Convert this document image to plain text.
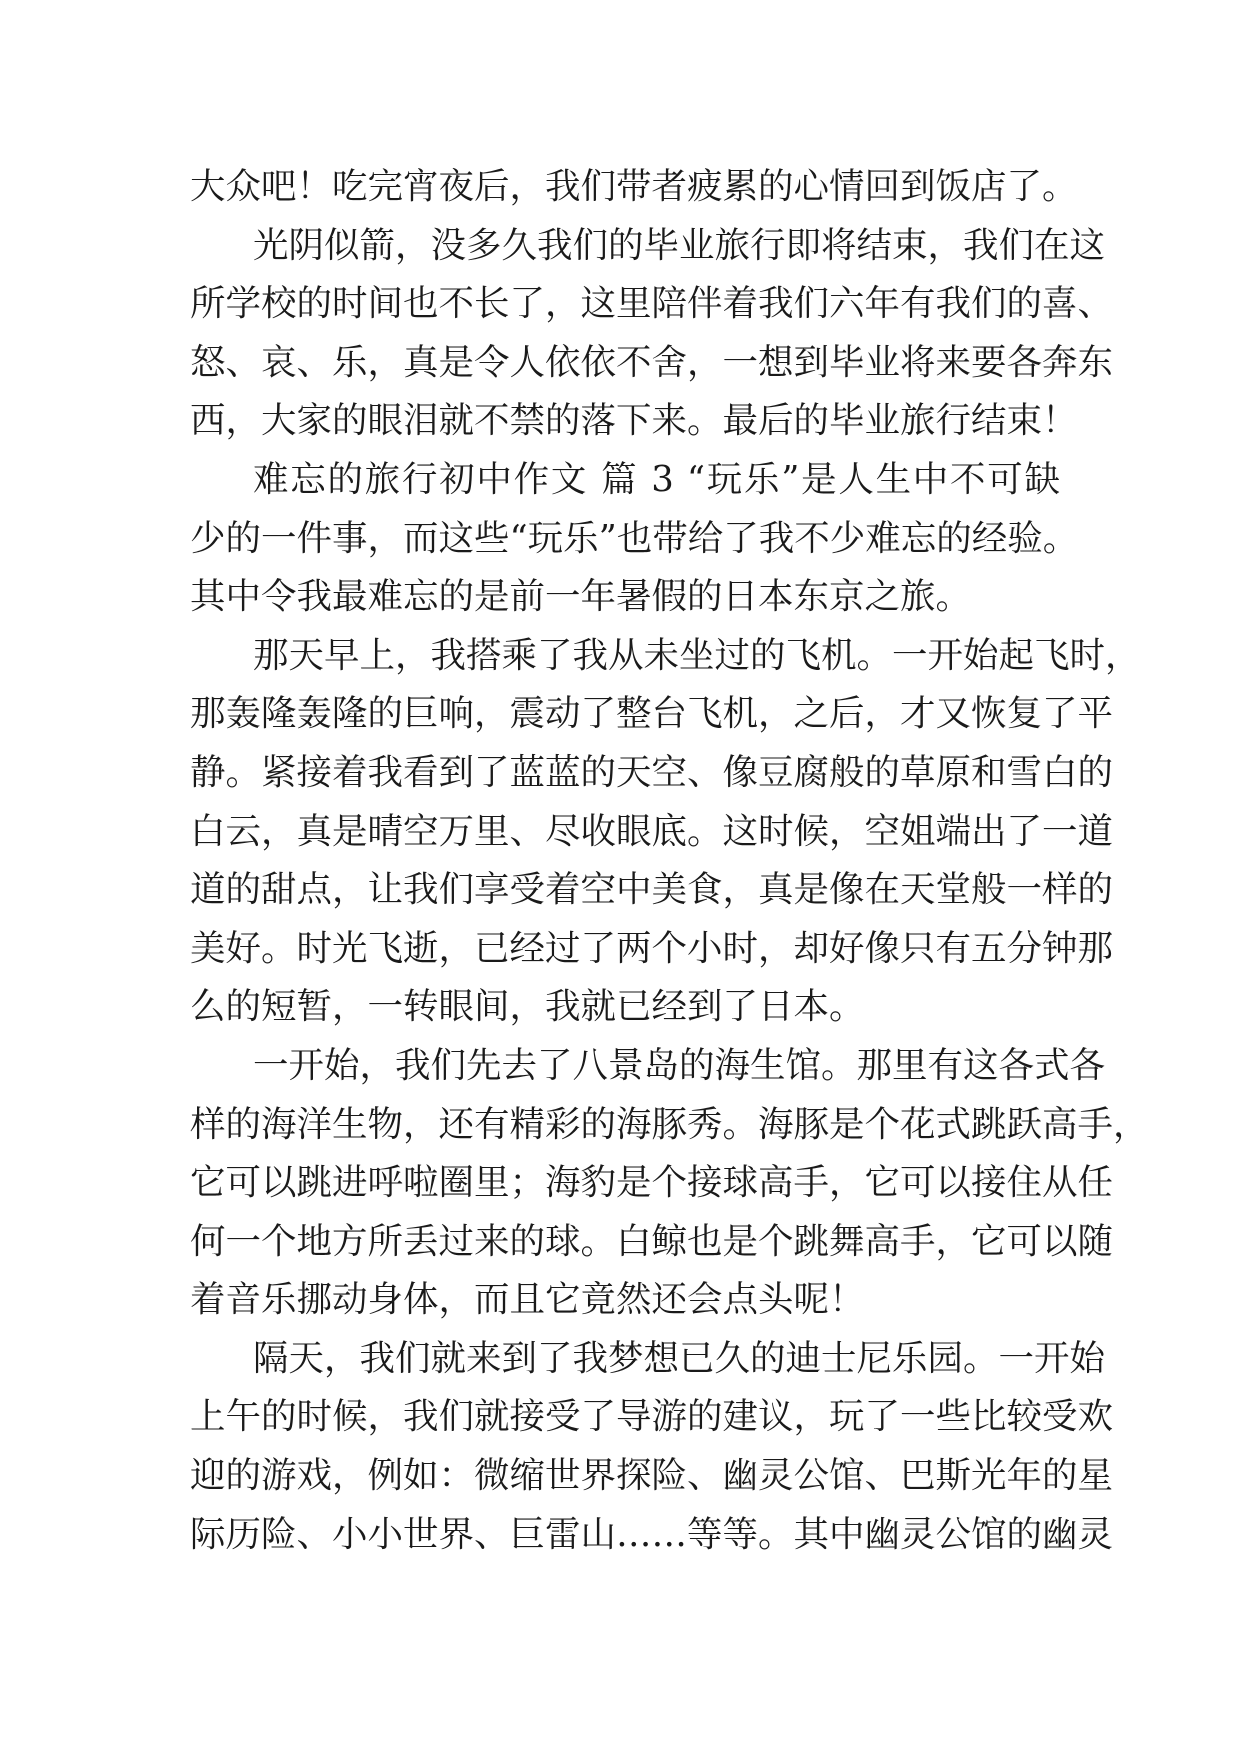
大众吧！吃完宵夜后，我们带者疲累的心情回到饭店了。
光阴似箭，没多久我们的毕业旅行即将结束，我们在这
所学校的时间也不长了，这里陪伴着我们六年有我们的喜、
怒、哀、乐，真是令人依依不舍，一想到毕业将来要各奔东
西，大家的眼泪就不禁的落下来。最后的毕业旅行结束！
难忘的旅行初中作文 篇 3 “玩乐”是人生中不可缺
少的一件事，而这些“玩乐”也带给了我不少难忘的经验。
其中令我最难忘的是前一年暑假的日本东京之旅。
那天早上，我搭乘了我从未坐过的飞机。一开始起飞时，
那轰隆轰隆的巨响，震动了整台飞机，之后，才又恢复了平
静。紧接着我看到了蓝蓝的天空、像豆腐般的草原和雪白的
白云，真是晴空万里、尽收眼底。这时候，空姐端出了一道
道的甜点，让我们享受着空中美食，真是像在天堂般一样的
美好。时光飞逝，已经过了两个小时，却好像只有五分钟那
么的短暂，一转眼间，我就已经到了日本。
一开始，我们先去了八景岛的海生馆。那里有这各式各
样的海洋生物，还有精彩的海豚秀。海豚是个花式跳跃高手，
它可以跳进呼啦圈里；海豹是个接球高手，它可以接住从任
何一个地方所丢过来的球。白鲸也是个跳舞高手，它可以随
着音乐挪动身体，而且它竟然还会点头呢！
隔天，我们就来到了我梦想已久的迪士尼乐园。一开始
上午的时候，我们就接受了导游的建议，玩了一些比较受欢
迎的游戏，例如：微缩世界探险、幽灵公馆、巴斯光年的星
际历险、小小世界、巨雷山……等等。其中幽灵公馆的幽灵
